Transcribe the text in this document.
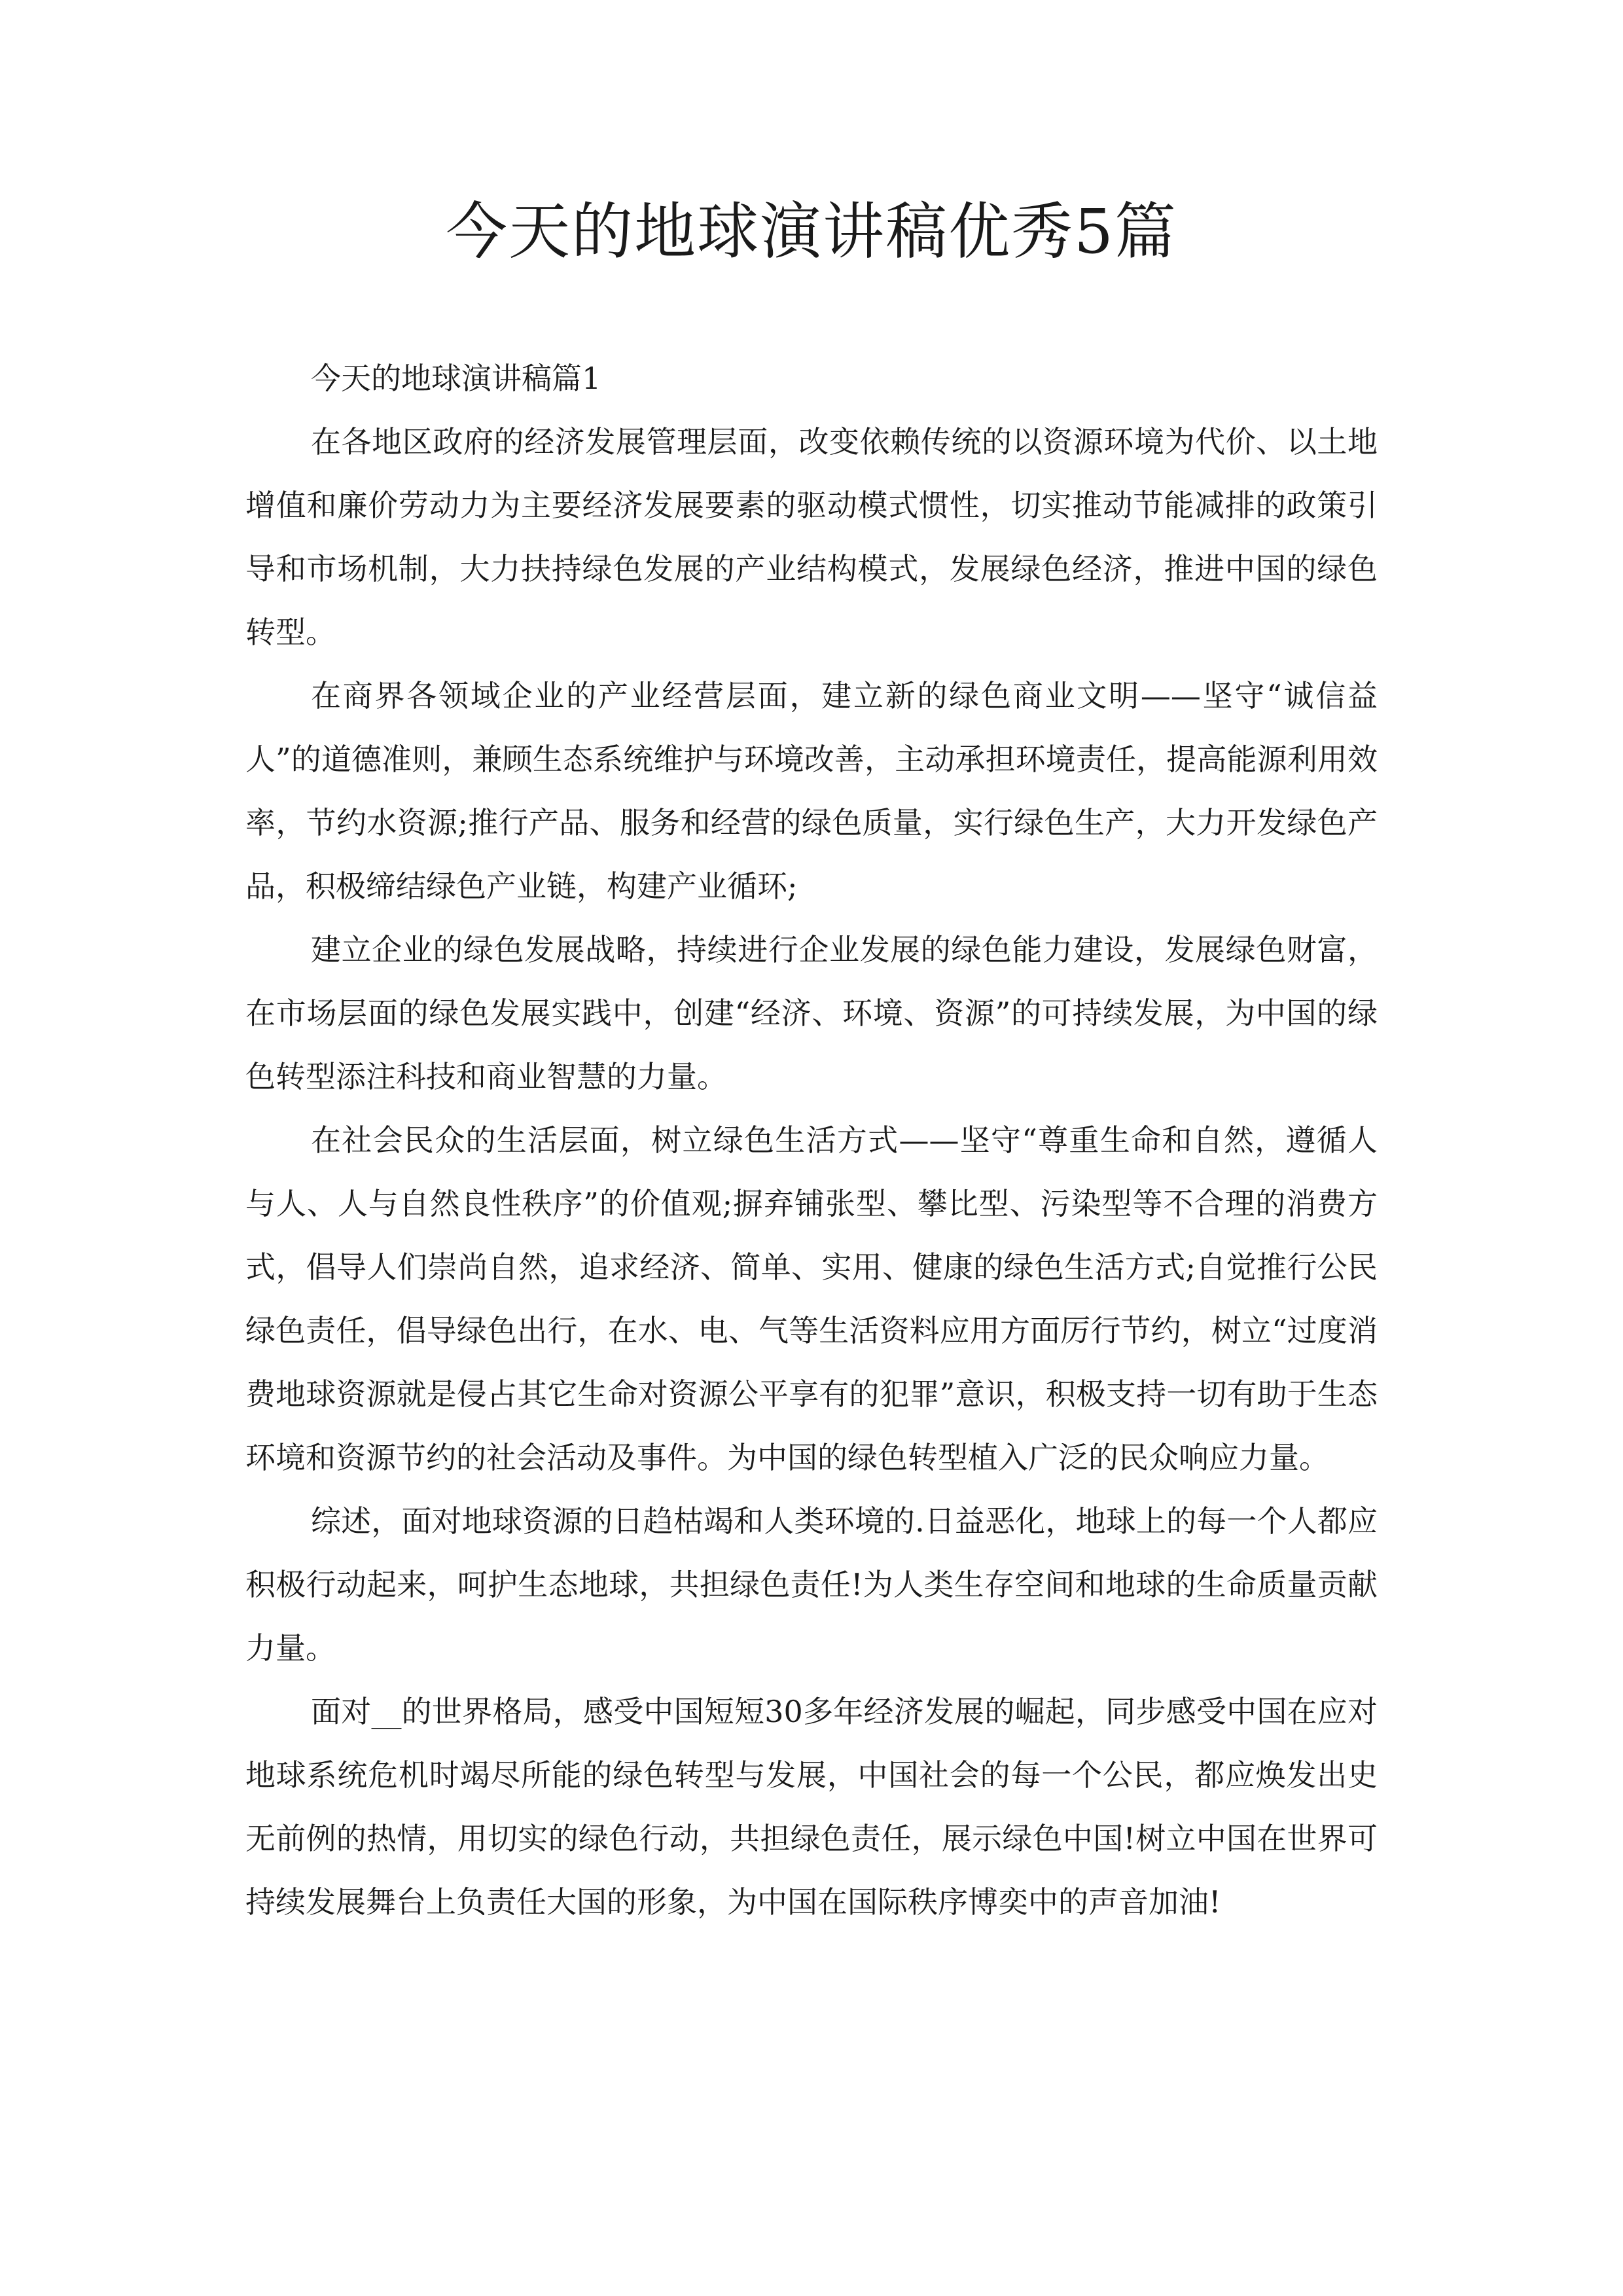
今天的地球演讲稿优秀5篇

今天的地球演讲稿篇1

在各地区政府的经济发展管理层面，改变依赖传统的以资源环境为代价、以土地增值和廉价劳动力为主要经济发展要素的驱动模式惯性，切实推动节能减排的政策引导和市场机制，大力扶持绿色发展的产业结构模式，发展绿色经济，推进中国的绿色转型。

在商界各领域企业的产业经营层面，建立新的绿色商业文明——坚守“诚信益人”的道德准则，兼顾生态系统维护与环境改善，主动承担环境责任，提高能源利用效率，节约水资源;推行产品、服务和经营的绿色质量，实行绿色生产，大力开发绿色产品，积极缔结绿色产业链，构建产业循环;

建立企业的绿色发展战略，持续进行企业发展的绿色能力建设，发展绿色财富，在市场层面的绿色发展实践中，创建“经济、环境、资源”的可持续发展，为中国的绿色转型添注科技和商业智慧的力量。

在社会民众的生活层面，树立绿色生活方式——坚守“尊重生命和自然，遵循人与人、人与自然良性秩序”的价值观;摒弃铺张型、攀比型、污染型等不合理的消费方式，倡导人们崇尚自然，追求经济、简单、实用、健康的绿色生活方式;自觉推行公民绿色责任，倡导绿色出行，在水、电、气等生活资料应用方面厉行节约，树立“过度消费地球资源就是侵占其它生命对资源公平享有的犯罪”意识，积极支持一切有助于生态环境和资源节约的社会活动及事件。为中国的绿色转型植入广泛的民众响应力量。

综述，面对地球资源的日趋枯竭和人类环境的.日益恶化，地球上的每一个人都应积极行动起来，呵护生态地球，共担绿色责任!为人类生存空间和地球的生命质量贡献力量。

面对__的世界格局，感受中国短短30多年经济发展的崛起，同步感受中国在应对地球系统危机时竭尽所能的绿色转型与发展，中国社会的每一个公民，都应焕发出史无前例的热情，用切实的绿色行动，共担绿色责任，展示绿色中国!树立中国在世界可持续发展舞台上负责任大国的形象，为中国在国际秩序博奕中的声音加油!
